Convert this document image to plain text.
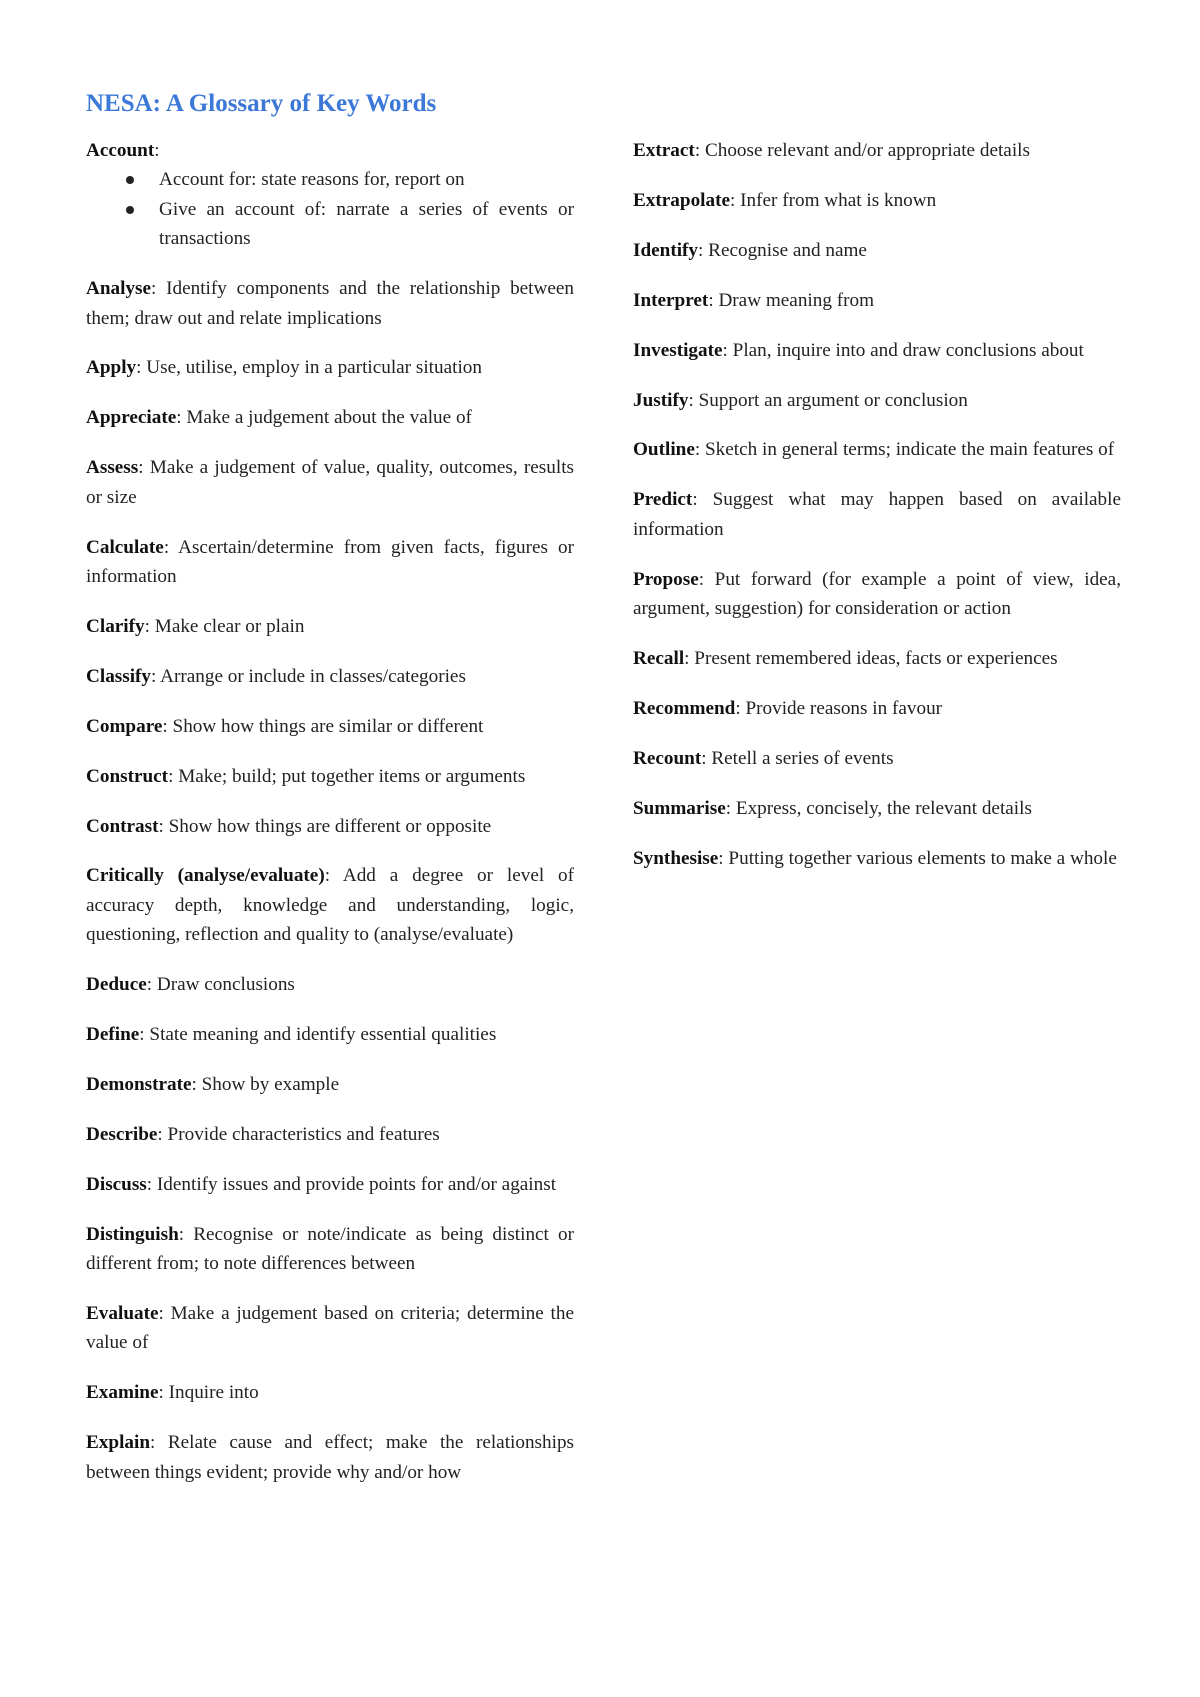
NESA: A Glossary of Key Words

Account:

Account for: state reasons for, report on
Give an account of: narrate a series of events or transactions

Analyse: Identify components and the relationship between them; draw out and relate implications

Apply: Use, utilise, employ in a particular situation

Appreciate: Make a judgement about the value of

Assess: Make a judgement of value, quality, outcomes, results or size

Calculate: Ascertain/determine from given facts, figures or information

Clarify: Make clear or plain

Classify: Arrange or include in classes/categories

Compare: Show how things are similar or different

Construct: Make; build; put together items or arguments

Contrast: Show how things are different or opposite

Critically (analyse/evaluate): Add a degree or level of accuracy depth, knowledge and understanding, logic, questioning, reflection and quality to (analyse/evaluate)

Deduce: Draw conclusions

Define: State meaning and identify essential qualities

Demonstrate: Show by example

Describe: Provide characteristics and features

Discuss: Identify issues and provide points for and/or against

Distinguish: Recognise or note/indicate as being distinct or different from; to note differences between

Evaluate: Make a judgement based on criteria; determine the value of

Examine: Inquire into

Explain: Relate cause and effect; make the relationships between things evident; provide why and/or how

Extract: Choose relevant and/or appropriate details

Extrapolate: Infer from what is known

Identify: Recognise and name

Interpret: Draw meaning from

Investigate: Plan, inquire into and draw conclusions about

Justify: Support an argument or conclusion

Outline: Sketch in general terms; indicate the main features of

Predict: Suggest what may happen based on available information

Propose: Put forward (for example a point of view, idea, argument, suggestion) for consideration or action

Recall: Present remembered ideas, facts or experiences

Recommend: Provide reasons in favour

Recount: Retell a series of events

Summarise: Express, concisely, the relevant details

Synthesise: Putting together various elements to make a whole
